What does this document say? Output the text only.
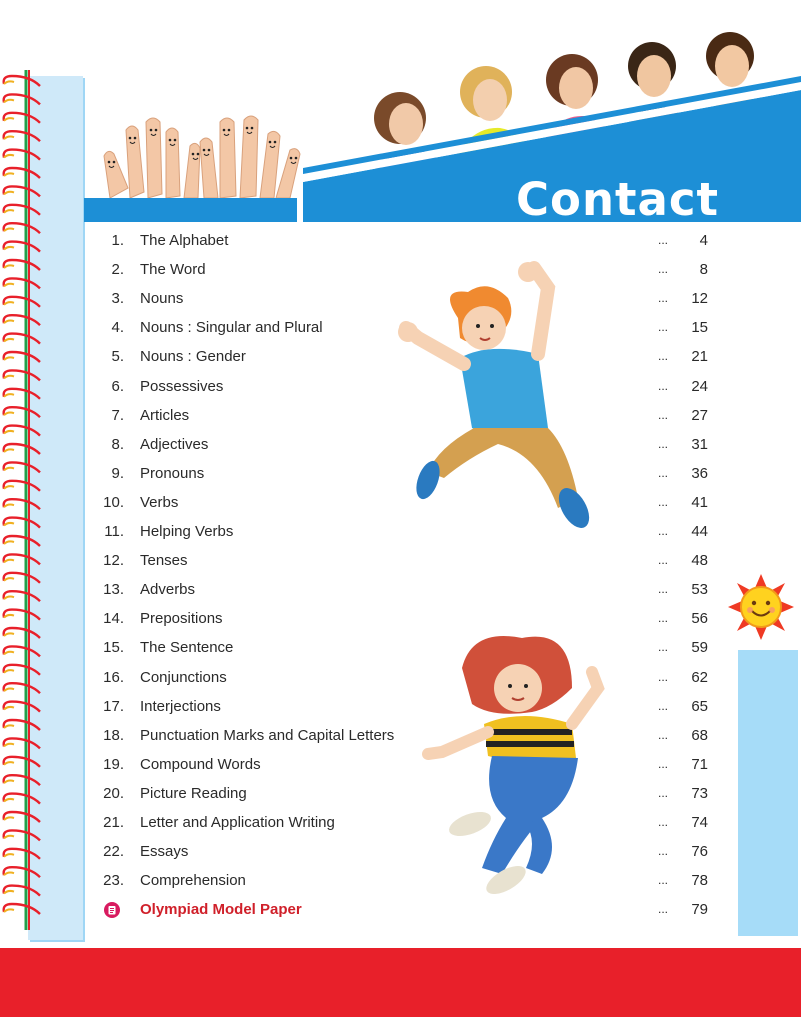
Contact
1. The Alphabet	...	4
2. The Word	...	8
3. Nouns	...	12
4. Nouns : Singular and Plural	...	15
5. Nouns : Gender	...	21
6. Possessives	...	24
7. Articles	...	27
8. Adjectives	...	31
9. Pronouns	...	36
10. Verbs	...	41
11. Helping Verbs	...	44
12. Tenses	...	48
13. Adverbs	...	53
14. Prepositions	...	56
15. The Sentence	...	59
16. Conjunctions	...	62
17. Interjections	...	65
18. Punctuation Marks and Capital Letters	...	68
19. Compound Words	...	71
20. Picture Reading	...	73
21. Letter and Application Writing	...	74
22. Essays	...	76
23. Comprehension	...	78
Olympiad Model Paper	...	79
